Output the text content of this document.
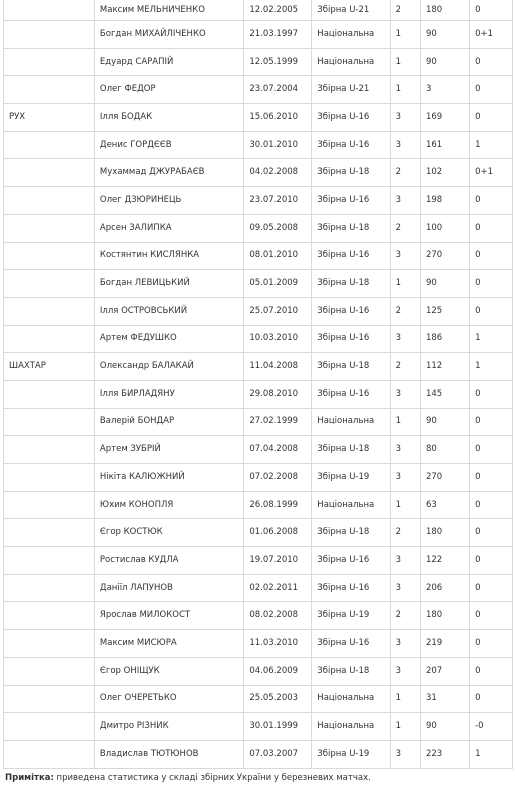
	Максим МЕЛЬНИЧЕНКО	12.02.2005	Збірна U-21	2	180	0
	Богдан МИХАЙЛІЧЕНКО	21.03.1997	Національна	1	90	0+1
	Едуард САРАПІЙ	12.05.1999	Національна	1	90	0
	Олег ФЕДОР	23.07.2004	Збірна U-21	1	3	0
РУХ	Ілля БОДАК	15.06.2010	Збірна U-16	3	169	0
	Денис ГОРДЄЄВ	30.01.2010	Збірна U-16	3	161	1
	Мухаммад ДЖУРАБАЄВ	04.02.2008	Збірна U-18	2	102	0+1
	Олег ДЗЮРИНЕЦЬ	23.07.2010	Збірна U-16	3	198	0
	Арсен ЗАЛИПКА	09.05.2008	Збірна U-18	2	100	0
	Костянтин КИСЛЯНКА	08.01.2010	Збірна U-16	3	270	0
	Богдан ЛЕВИЦЬКИЙ	05.01.2009	Збірна U-18	1	90	0
	Ілля ОСТРОВСЬКИЙ	25.07.2010	Збірна U-16	2	125	0
	Артем ФЕДУШКО	10.03.2010	Збірна U-16	3	186	1
ШАХТАР	Олександр БАЛАКАЙ	11.04.2008	Збірна U-18	2	112	1
	Ілля БИРЛАДЯНУ	29.08.2010	Збірна U-16	3	145	0
	Валерій БОНДАР	27.02.1999	Національна	1	90	0
	Артем ЗУБРІЙ	07.04.2008	Збірна U-18	3	80	0
	Нікіта КАЛЮЖНИЙ	07.02.2008	Збірна U-19	3	270	0
	Юхим КОНОПЛЯ	26.08.1999	Національна	1	63	0
	Єгор КОСТЮК	01.06.2008	Збірна U-18	2	180	0
	Ростислав КУДЛА	19.07.2010	Збірна U-16	3	122	0
	Даніїл ЛАПУНОВ	02.02.2011	Збірна U-16	3	206	0
	Ярослав МИЛОКОСТ	08.02.2008	Збірна U-19	2	180	0
	Максим МИСЮРА	11.03.2010	Збірна U-16	3	219	0
	Єгор ОНІЩУК	04.06.2009	Збірна U-18	3	207	0
	Олег ОЧЕРЕТЬКО	25.05.2003	Національна	1	31	0
	Дмитро РІЗНИК	30.01.1999	Національна	1	90	-0
	Владислав ТЮТЮНОВ	07.03.2007	Збірна U-19	3	223	1
Примітка: приведена статистика у складі збірних України у березневих матчах.
